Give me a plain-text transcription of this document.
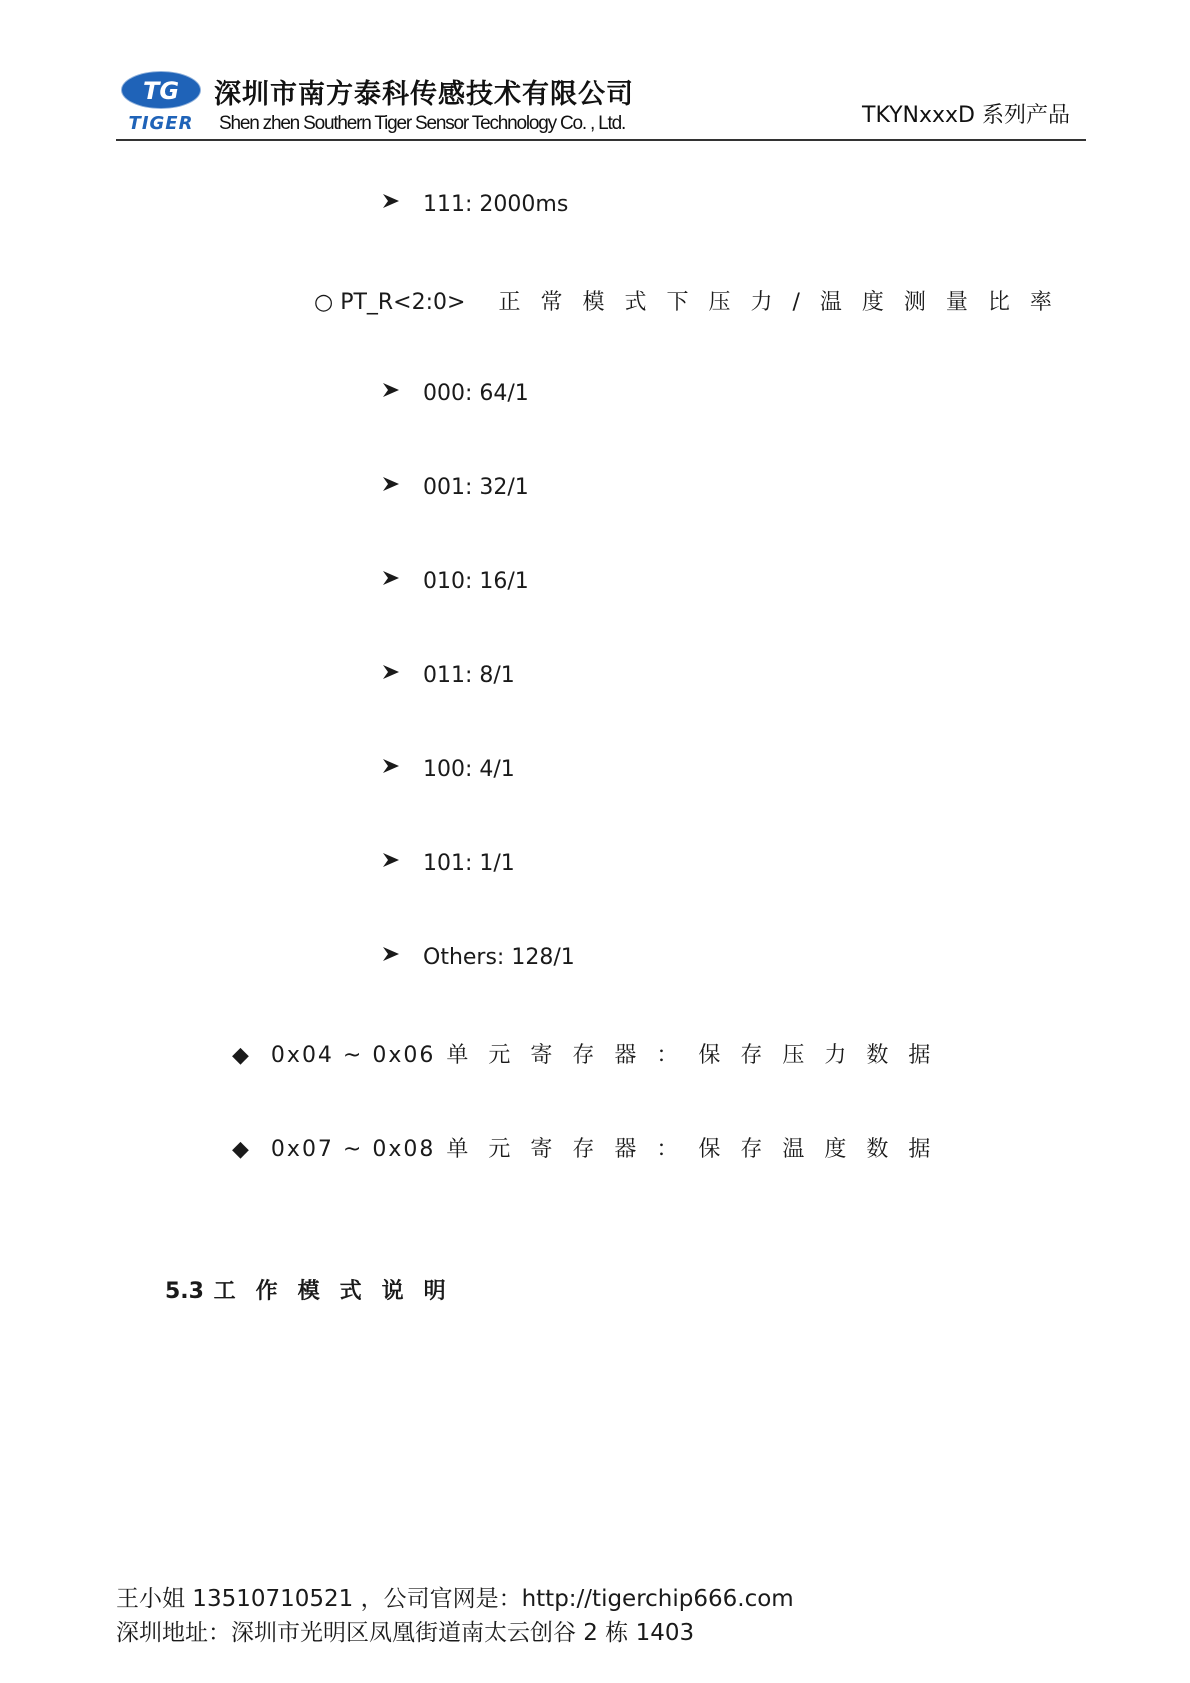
TG
TIGER
深圳市南方泰科传感技术有限公司
Shen zhen Southern Tiger Sensor Technology Co. , Ltd.	TKYNxxxD 系列产品
111: 2000ms
○ PT_R<2:0> 正常模式下压力/温度测量比率
000: 64/1
001: 32/1
010: 16/1
011: 8/1
100: 4/1
101: 1/1
Others: 128/1
◆ 0x04 ~ 0x06 单元寄存器：保存压力数据
◆ 0x07 ~ 0x08 单元寄存器：保存温度数据
5.3 工作模式说明
王小姐 13510710521 ，公司官网是：http://tigerchip666.com
深圳地址：深圳市光明区凤凰街道南太云创谷 2 栋 1403
